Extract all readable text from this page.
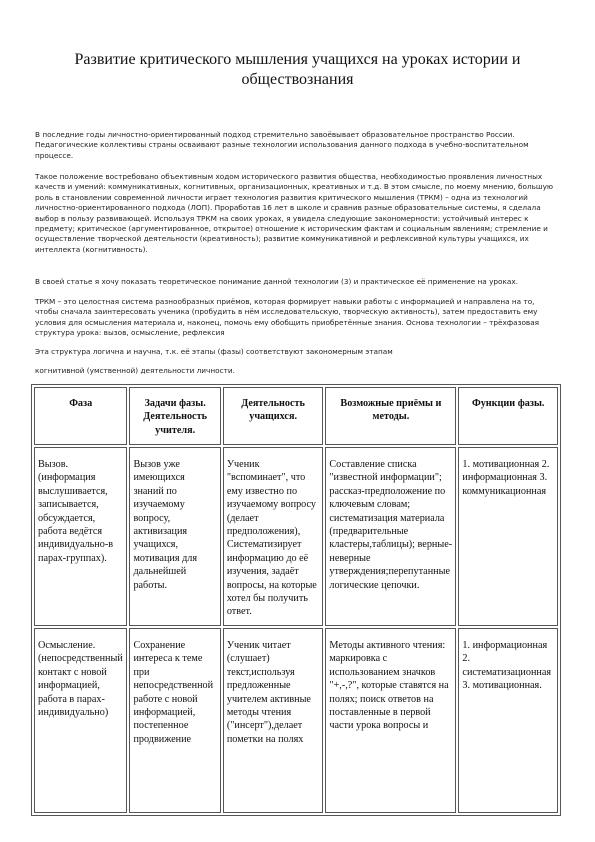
Развитие критического мышления учащихся на уроках истории и обществознания
В последние годы личностно-ориентированный подход стремительно завоёвывает образовательное пространство России. Педагогические коллективы страны осваивают разные технологии использования данного подхода в учебно-воспитательном процессе.
Такое положение востребовано объективным ходом исторического развития общества, необходимостью проявления личностных качеств и умений: коммуникативных, когнитивных, организационных, креативных и т.д. В этом смысле, по моему мнению, большую роль в становлении современной личности играет технология развития критического мышления (ТРКМ) – одна из технологий личностно-ориентированного подхода (ЛОП). Проработав 16 лет в школе и сравнив разные образовательные системы, я сделала выбор в пользу развивающей. Используя ТРКМ на своих уроках, я увидела следующие закономерности: устойчивый интерес к предмету; критическое (аргументированное, открытое) отношение к историческим фактам и социальным явлениям; стремление и осуществление творческой деятельности (креативность); развитие коммуникативной и рефлексивной культуры учащихся, их интеллекта (когнитивность).
В своей статье я хочу показать теоретическое понимание данной технологии (3) и практическое её применение на уроках.
ТРКМ – это целостная система разнообразных приёмов, которая формирует навыки работы с информацией и направлена на то, чтобы сначала заинтересовать ученика (пробудить в нём исследовательскую, творческую активность), затем предоставить ему условия для осмысления материала и, наконец, помочь ему обобщить приобретённые знания. Основа технологии – трёхфазовая структура урока: вызов, осмысление, рефлексия
Эта структура логична и научна, т.к. её этапы (фазы) соответствуют закономерным этапам
когнитивной (умственной) деятельности личности.
Фаза	Задачи фазы. Деятельность учителя.	Деятельность учащихся.	Возможные приёмы и методы.	Функции фазы.
Вызов. (информация выслушивается, записывается, обсуждается, работа ведётся индивидуально-в парах-группах).	Вызов уже имеющихся знаний по изучаемому вопросу, активизация учащихся, мотивация для дальнейшей работы.	Ученик "вспоминает", что ему известно по изучаемому вопросу (делает предположения), Систематизирует информацию до её изучения, задаёт вопросы, на которые хотел бы получить ответ.	Составление списка "известной информации"; рассказ-предположение по ключевым словам; систематизация материала (предварительные кластеры,таблицы); верные-неверные утверждения;перепутанные логические цепочки.	1. мотивационная 2. информационная 3. коммуникационная
Осмысление. (непосредственный контакт с новой информацией, работа в парах-индивидуально)	Сохранение интереса к теме при непосредственной работе с новой информацией, постепенное продвижение	Ученик читает (слушает) текст,используя предложенные учителем активные методы чтения ("инсерт"),делает пометки на полях	Методы активного чтения: маркировка с использованием значков "+,-,?", которые ставятся на полях; поиск ответов на поставленные в первой части урока вопросы и	1. информационная 2. систематизационная 3. мотивационная.
